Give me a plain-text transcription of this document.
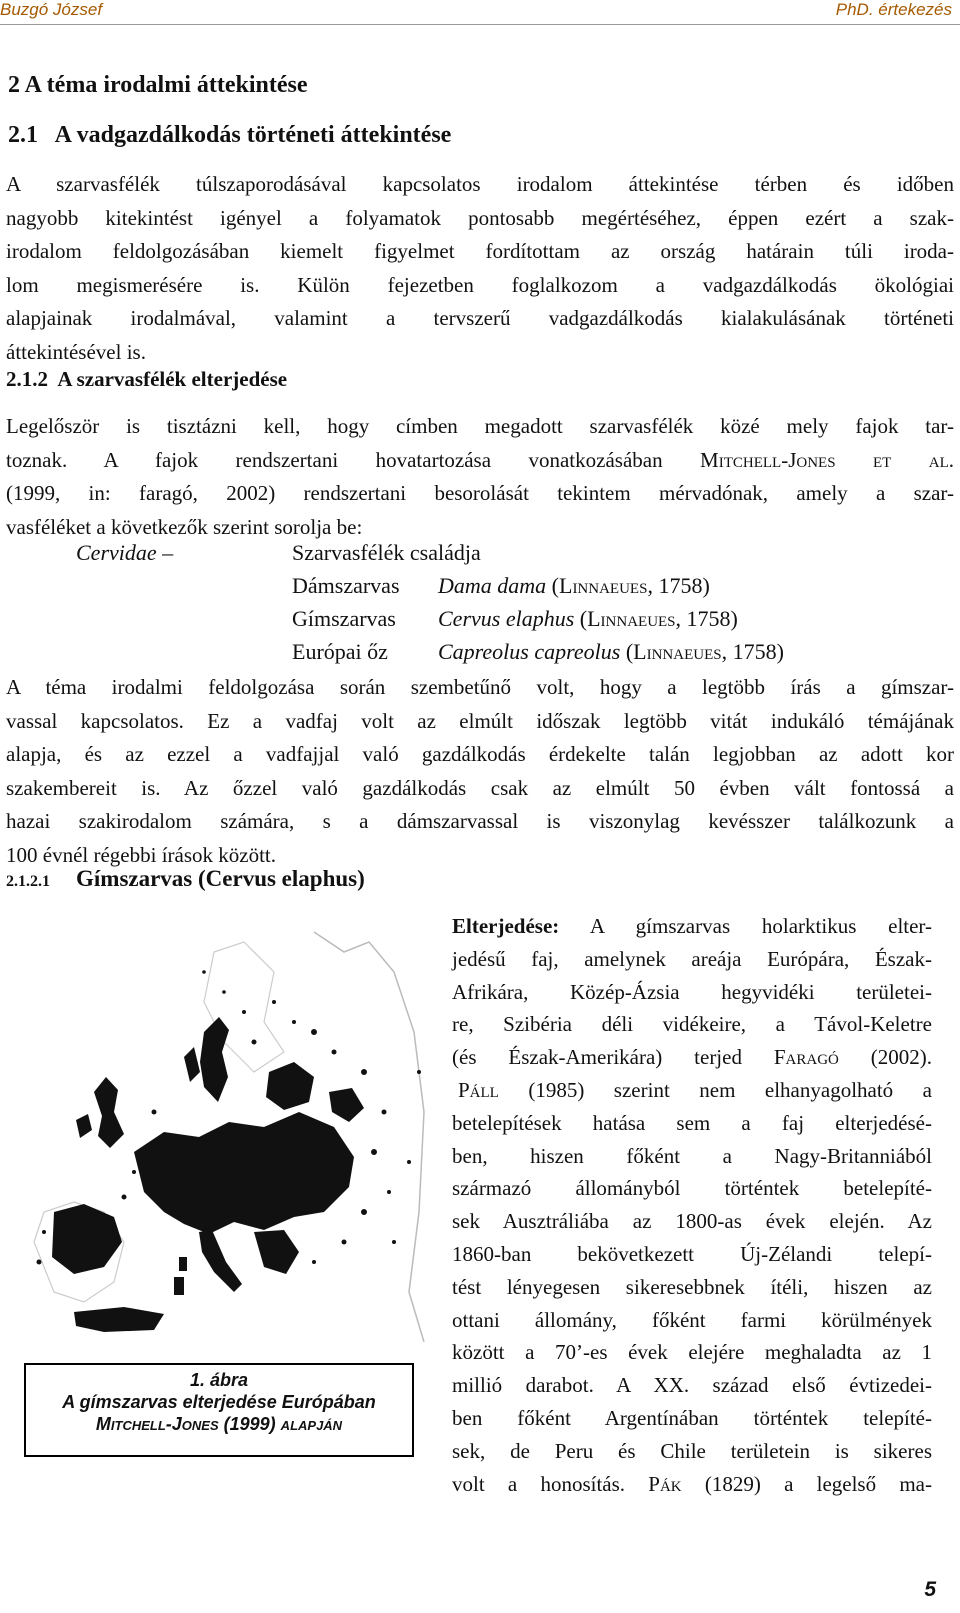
Buzgó József	PhD. értekezés
2 A téma irodalmi áttekintése
2.1   A vadgazdálkodás történeti áttekintése
A szarvasfélék túlszaporodásával kapcsolatos irodalom áttekintése térben és időben
nagyobb kitekintést igényel a folyamatok pontosabb megértéséhez, éppen ezért a szak-
irodalom feldolgozásában kiemelt figyelmet fordítottam az ország határain túli iroda-
lom megismerésére is. Külön fejezetben foglalkozom a vadgazdálkodás ökológiai
alapjainak irodalmával, valamint a tervszerű vadgazdálkodás kialakulásának történeti
áttekintésével is.
2.1.2  A szarvasfélék elterjedése
Legelőször is tisztázni kell, hogy címben megadott szarvasfélék közé mely fajok tar-
toznak. A fajok rendszertani hovatartozása vonatkozásában Mitchell-Jones et al.
(1999, in: faragó, 2002) rendszertani besorolását tekintem mérvadónak, amely a szar-
vasféléket a következők szerint sorolja be:
Cervidae –	Szarvasfélék családja
Dámszarvas Dama dama (Linnaeues, 1758)
Gímszarvas Cervus elaphus (Linnaeues, 1758)
Európai őz Capreolus capreolus (Linnaeues, 1758)
A téma irodalmi feldolgozása során szembetűnő volt, hogy a legtöbb írás a gímszar-
vassal kapcsolatos. Ez a vadfaj volt az elmúlt időszak legtöbb vitát indukáló témájának
alapja, és az ezzel a vadfajjal való gazdálkodás érdekelte talán legjobban az adott kor
szakembereit is. Az őzzel való gazdálkodás csak az elmúlt 50 évben vált fontossá a
hazai szakirodalom számára, s a dámszarvassal is viszonylag kevésszer találkozunk a
100 évnél régebbi írások között.
2.1.2.1 Gímszarvas (Cervus elaphus)
1. ábra
A gímszarvas elterjedése Európában
Mitchell-Jones (1999) alapján
Elterjedése: A gímszarvas holarktikus elter-
jedésű faj, amelynek areája Európára, Észak-
Afrikára, Közép-Ázsia hegyvidéki területei-
re, Szibéria déli vidékeire, a Távol-Keletre
(és Észak-Amerikára) terjed Faragó (2002).
Páll (1985) szerint nem elhanyagolható a
betelepítések hatása sem a faj elterjedésé-
ben, hiszen főként a Nagy-Britanniából
származó állományból történtek betelepíté-
sek Ausztráliába az 1800-as évek elején. Az
1860-ban bekövetkezett Új-Zélandi telepí-
tést lényegesen sikeresebbnek ítéli, hiszen az
ottani állomány, főként farmi körülmények
között a 70’-es évek elejére meghaladta az 1
millió darabot. A XX. század első évtizedei-
ben főként Argentínában történtek telepíté-
sek, de Peru és Chile területein is sikeres
volt a honosítás. Pák (1829) a legelső ma-
5
